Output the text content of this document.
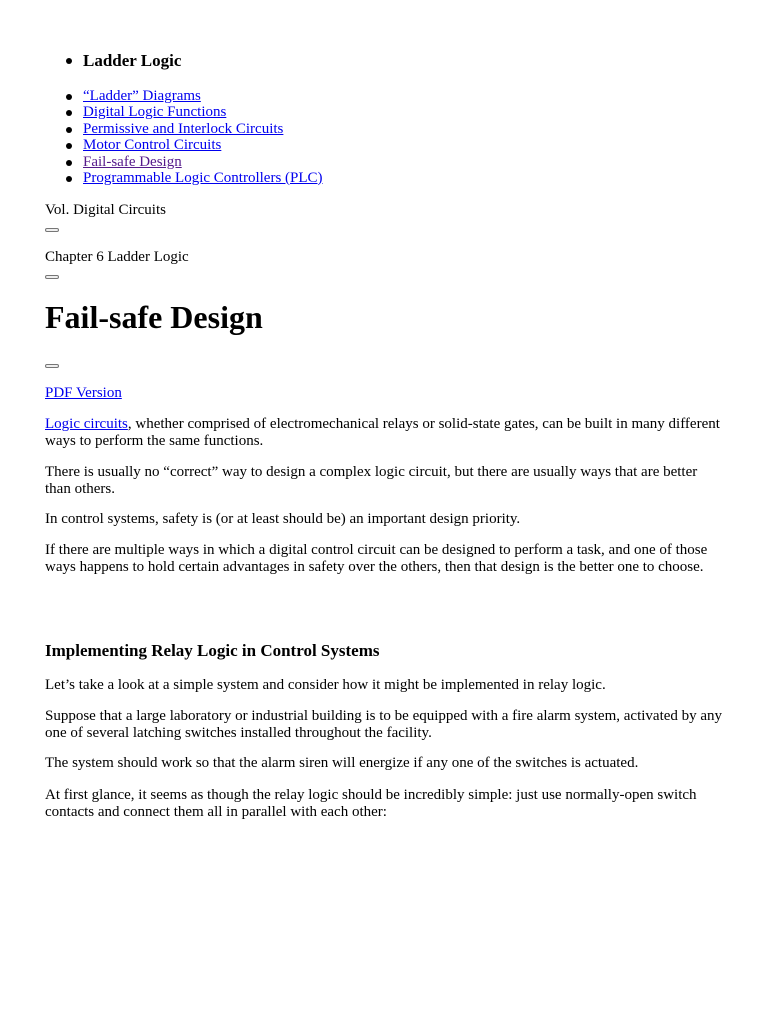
Ladder Logic
“Ladder” Diagrams
Digital Logic Functions
Permissive and Interlock Circuits
Motor Control Circuits
Fail-safe Design
Programmable Logic Controllers (PLC)
Vol. Digital Circuits
Chapter 6 Ladder Logic
Fail-safe Design
PDF Version

Logic circuits, whether comprised of electromechanical relays or solid-state gates, can be built in many different ways to perform the same functions.

There is usually no “correct” way to design a complex logic circuit, but there are usually ways that are better than others.

In control systems, safety is (or at least should be) an important design priority.

If there are multiple ways in which a digital control circuit can be designed to perform a task, and one of those ways happens to hold certain advantages in safety over the others, then that design is the better one to choose.

Implementing Relay Logic in Control Systems

Let’s take a look at a simple system and consider how it might be implemented in relay logic.

Suppose that a large laboratory or industrial building is to be equipped with a fire alarm system, activated by any one of several latching switches installed throughout the facility.

The system should work so that the alarm siren will energize if any one of the switches is actuated.

At first glance, it seems as though the relay logic should be incredibly simple: just use normally-open switch contacts and connect them all in parallel with each other:
